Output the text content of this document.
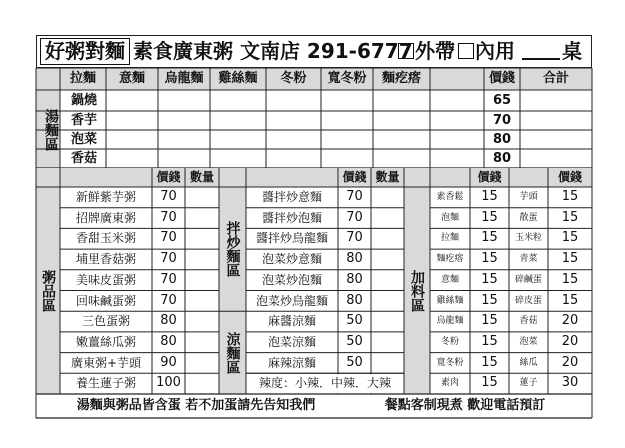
好粥對麵 素食廣東粥 文南店 291-6777 外帶	內用	桌
拉麵	意麵	烏龍麵	雞絲麵	冬粉	寬冬粉	麵疙瘩	價錢	合計
湯麵區
鍋燒	65
香芋	70
泡菜	80
香菇	80
價錢 數量	價錢 數量	價錢	價錢
粥品區
拌炒麵區
涼麵區
加料區
新鮮紫芋粥	70
招牌廣東粥	70
香甜玉米粥	70
埔里香菇粥	70
美味皮蛋粥	70
回味鹹蛋粥	70
三色蛋粥	80
嫩薑絲瓜粥	80
廣東粥+芋頭	90
養生蓮子粥	100
醬拌炒意麵	70
醬拌炒泡麵	70
醬拌炒烏龍麵	70
泡菜炒意麵	80
泡菜炒泡麵	80
泡菜炒烏龍麵	80
麻醬涼麵	50
泡菜涼麵	50
麻辣涼麵	50
辣度：小辣．中辣．大辣
素香鬆	15
泡麵	15
拉麵	15
麵疙瘩	15
意麵	15
雞絲麵	15
烏龍麵	15
冬粉	15
寬冬粉	15
素肉	15
芋頭	15
散蛋	15
玉米粒	15
青菜	15
碎鹹蛋	15
碎皮蛋	15
香菇	20
泡菜	20
絲瓜	20
蓮子	30
湯麵與粥品皆含蛋 若不加蛋請先告知我們	餐點客制現煮 歡迎電話預訂
